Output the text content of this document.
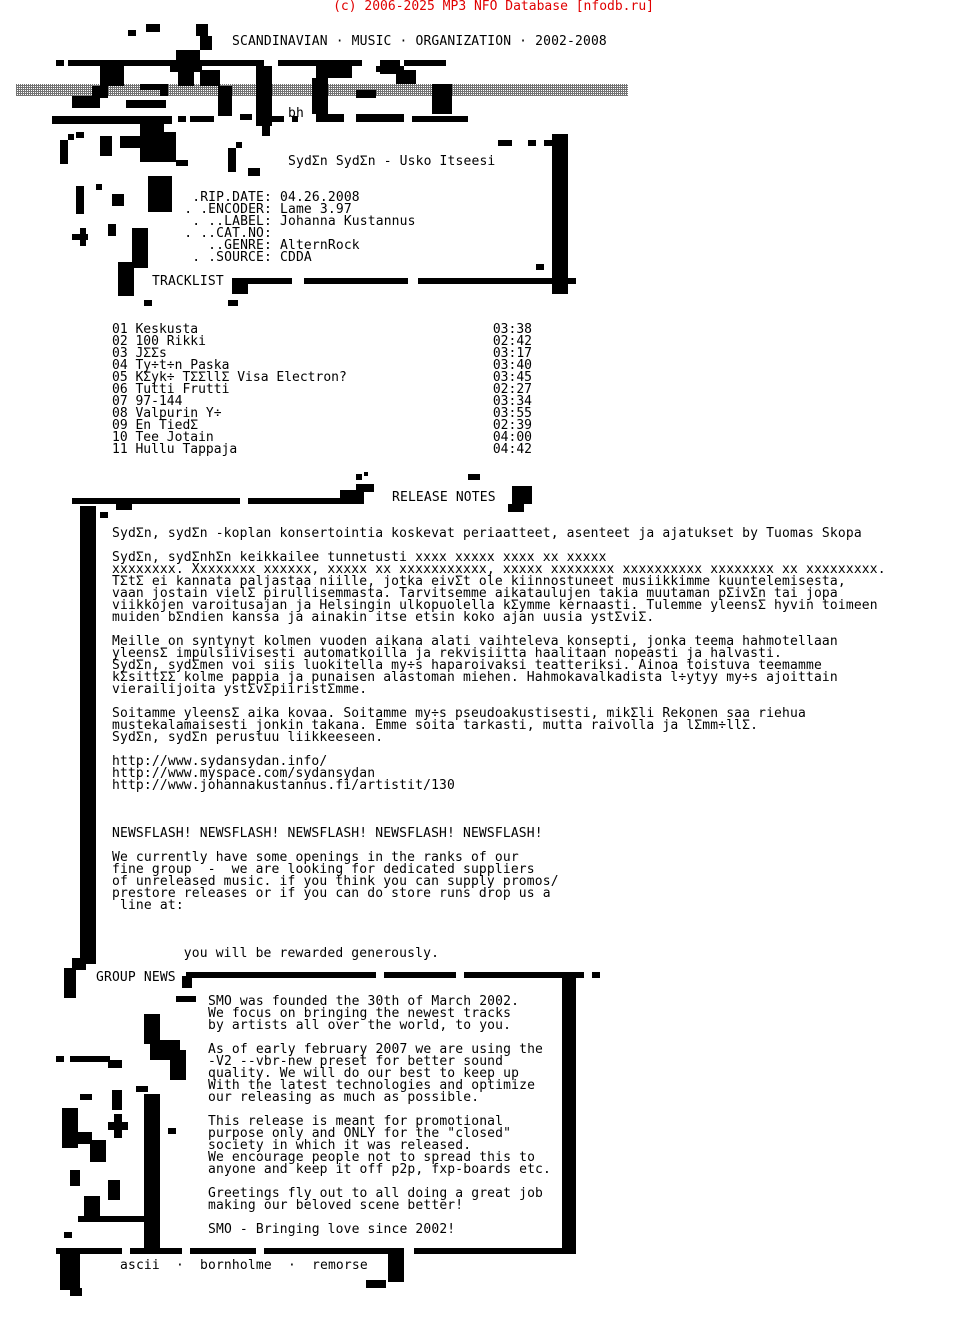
(c) 2006-2025 MP3 NFO Database [nfodb.ru]
SCANDINAVIAN · MUSIC · ORGANIZATION · 2002-2008
bh
SydΣn SydΣn - Usko Itseesi
.RIP.DATE: 04.26.2008
. .ENCODER: Lame 3.97
. ..LABEL: Johanna Kustannus
. ..CAT.NO:
..GENRE: AlternRock
. .SOURCE: CDDA
TRACKLIST
01 Keskusta	03:38
02 100 Rikki	02:42
03 JΣΣs	03:17
04 Ty÷t÷n Paska	03:40
05 KΣyk÷ TΣΣllΣ Visa Electron?	03:45
06 Tutti Frutti	02:27
07 97-144	03:34
08 Valpurin Y÷	03:55
09 En TiedΣ	02:39
10 Tee Jotain	04:00
11 Hullu Tappaja	04:42
RELEASE NOTES
SydΣn, sydΣn -koplan konsertointia koskevat periaatteet, asenteet ja ajatukset by Tuomas Skopa
SydΣn, sydΣnhΣn keikkailee tunnetusti xxxx xxxxx xxxx xx xxxxx
xxxxxxxx. Xxxxxxxx xxxxxx, xxxxx xx xxxxxxxxxxx, xxxxx xxxxxxxx xxxxxxxxxx xxxxxxxx xx xxxxxxxxx.
TΣtΣ ei kannata paljastaa niille, jotka eivΣt ole kiinnostuneet musiikkimme kuuntelemisesta,
vaan jostain vielΣ pirullisemmasta. Tarvitsemme aikataulujen takia muutaman pΣivΣn tai jopa
viikkojen varoitusajan ja Helsingin ulkopuolella kΣymme kernaasti. Tulemme yleensΣ hyvin toimeen
muiden bΣndien kanssa ja ainakin itse etsin koko ajan uusia ystΣviΣ.
Meille on syntynyt kolmen vuoden aikana alati vaihteleva konsepti, jonka teema hahmotellaan
yleensΣ impulsiivisesti automatkoilla ja rekvisiitta haalitaan nopeasti ja halvasti.
SydΣn, sydΣmen voi siis luokitella my÷s haparoivaksi teatteriksi. Ainoa toistuva teemamme
kΣsittΣΣ kolme pappia ja punaisen alastoman miehen. Hahmokavalkadista l÷ytyy my÷s ajoittain
vierailijoita ystΣvΣpiiristΣmme.
Soitamme yleensΣ aika kovaa. Soitamme my÷s pseudoakustisesti, mikΣli Rekonen saa riehua
mustekalamaisesti jonkin takana. Emme soita tarkasti, mutta raivolla ja lΣmm÷llΣ.
SydΣn, sydΣn perustuu liikkeeseen.
http://www.sydansydan.info/
http://www.myspace.com/sydansydan
http://www.johannakustannus.fi/artistit/130
NEWSFLASH! NEWSFLASH! NEWSFLASH! NEWSFLASH! NEWSFLASH!
We currently have some openings in the ranks of our
fine group  -  we are looking for dedicated suppliers
of unreleased music. if you think you can supply promos/
prestore releases or if you can do store runs drop us a
line at:
you will be rewarded generously.
GROUP NEWS
SMO was founded the 30th of March 2002.
We focus on bringing the newest tracks
by artists all over the world, to you.
As of early february 2007 we are using the
-V2 --vbr-new preset for better sound
quality. We will do our best to keep up
With the latest technologies and optimize
our releasing as much as possible.
This release is meant for promotional
purpose only and ONLY for the "closed"
society in which it was released.
We encourage people not to spread this to
anyone and keep it off p2p, fxp-boards etc.
Greetings fly out to all doing a great job
making our beloved scene better!
SMO - Bringing love since 2002!
ascii · bornholme · remorse
